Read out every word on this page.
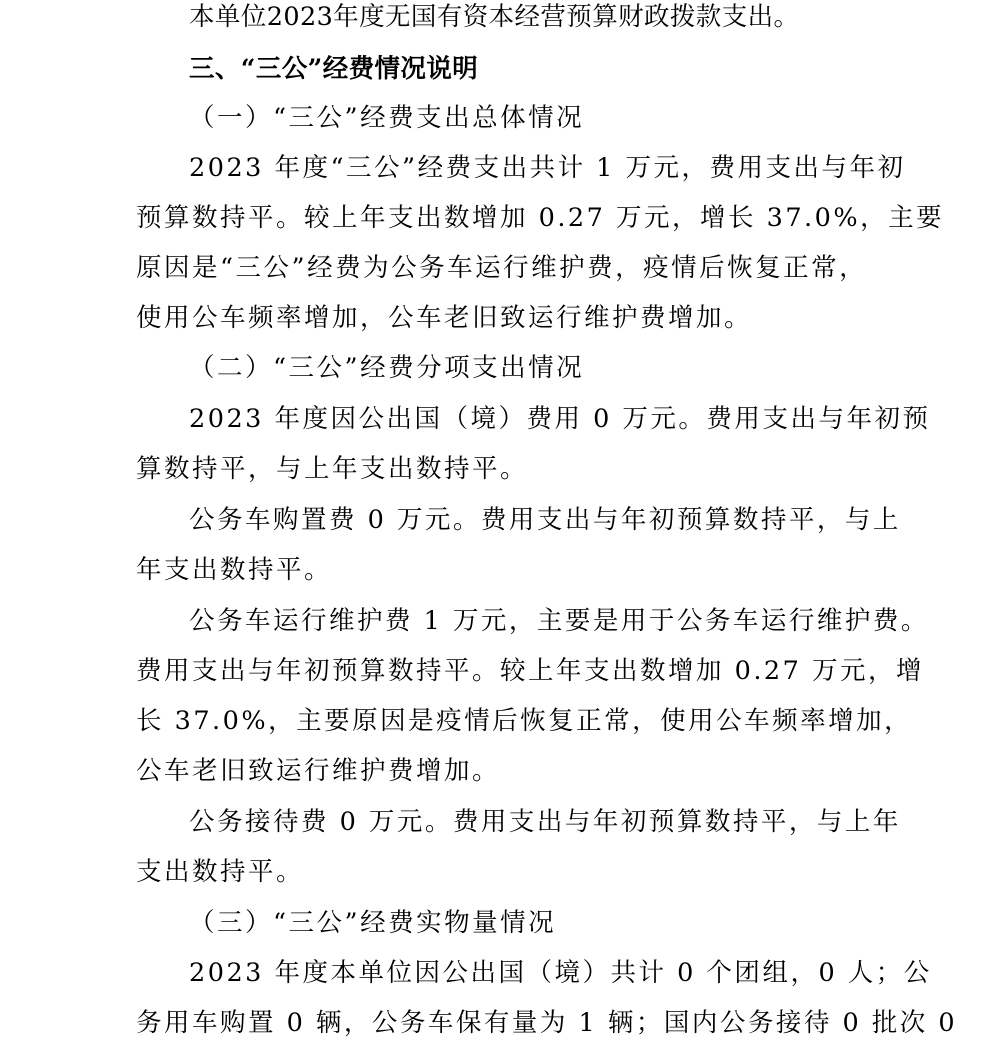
本单位2023年度无国有资本经营预算财政拨款支出。
三、“三公”经费情况说明
（一）“三公”经费支出总体情况
2023 年度“三公”经费支出共计 1 万元，费用支出与年初
预算数持平。较上年支出数增加 0.27 万元，增长 37.0%，主要
原因是“三公”经费为公务车运行维护费，疫情后恢复正常，
使用公车频率增加，公车老旧致运行维护费增加。
（二）“三公”经费分项支出情况
2023 年度因公出国（境）费用 0 万元。费用支出与年初预
算数持平，与上年支出数持平。
公务车购置费 0 万元。费用支出与年初预算数持平，与上
年支出数持平。
公务车运行维护费 1 万元，主要是用于公务车运行维护费。
费用支出与年初预算数持平。较上年支出数增加 0.27 万元，增
长 37.0%，主要原因是疫情后恢复正常，使用公车频率增加，
公车老旧致运行维护费增加。
公务接待费 0 万元。费用支出与年初预算数持平，与上年
支出数持平。
（三）“三公”经费实物量情况
2023 年度本单位因公出国（境）共计 0 个团组，0 人；公
务用车购置 0 辆，公务车保有量为 1 辆；国内公务接待 0 批次 0
